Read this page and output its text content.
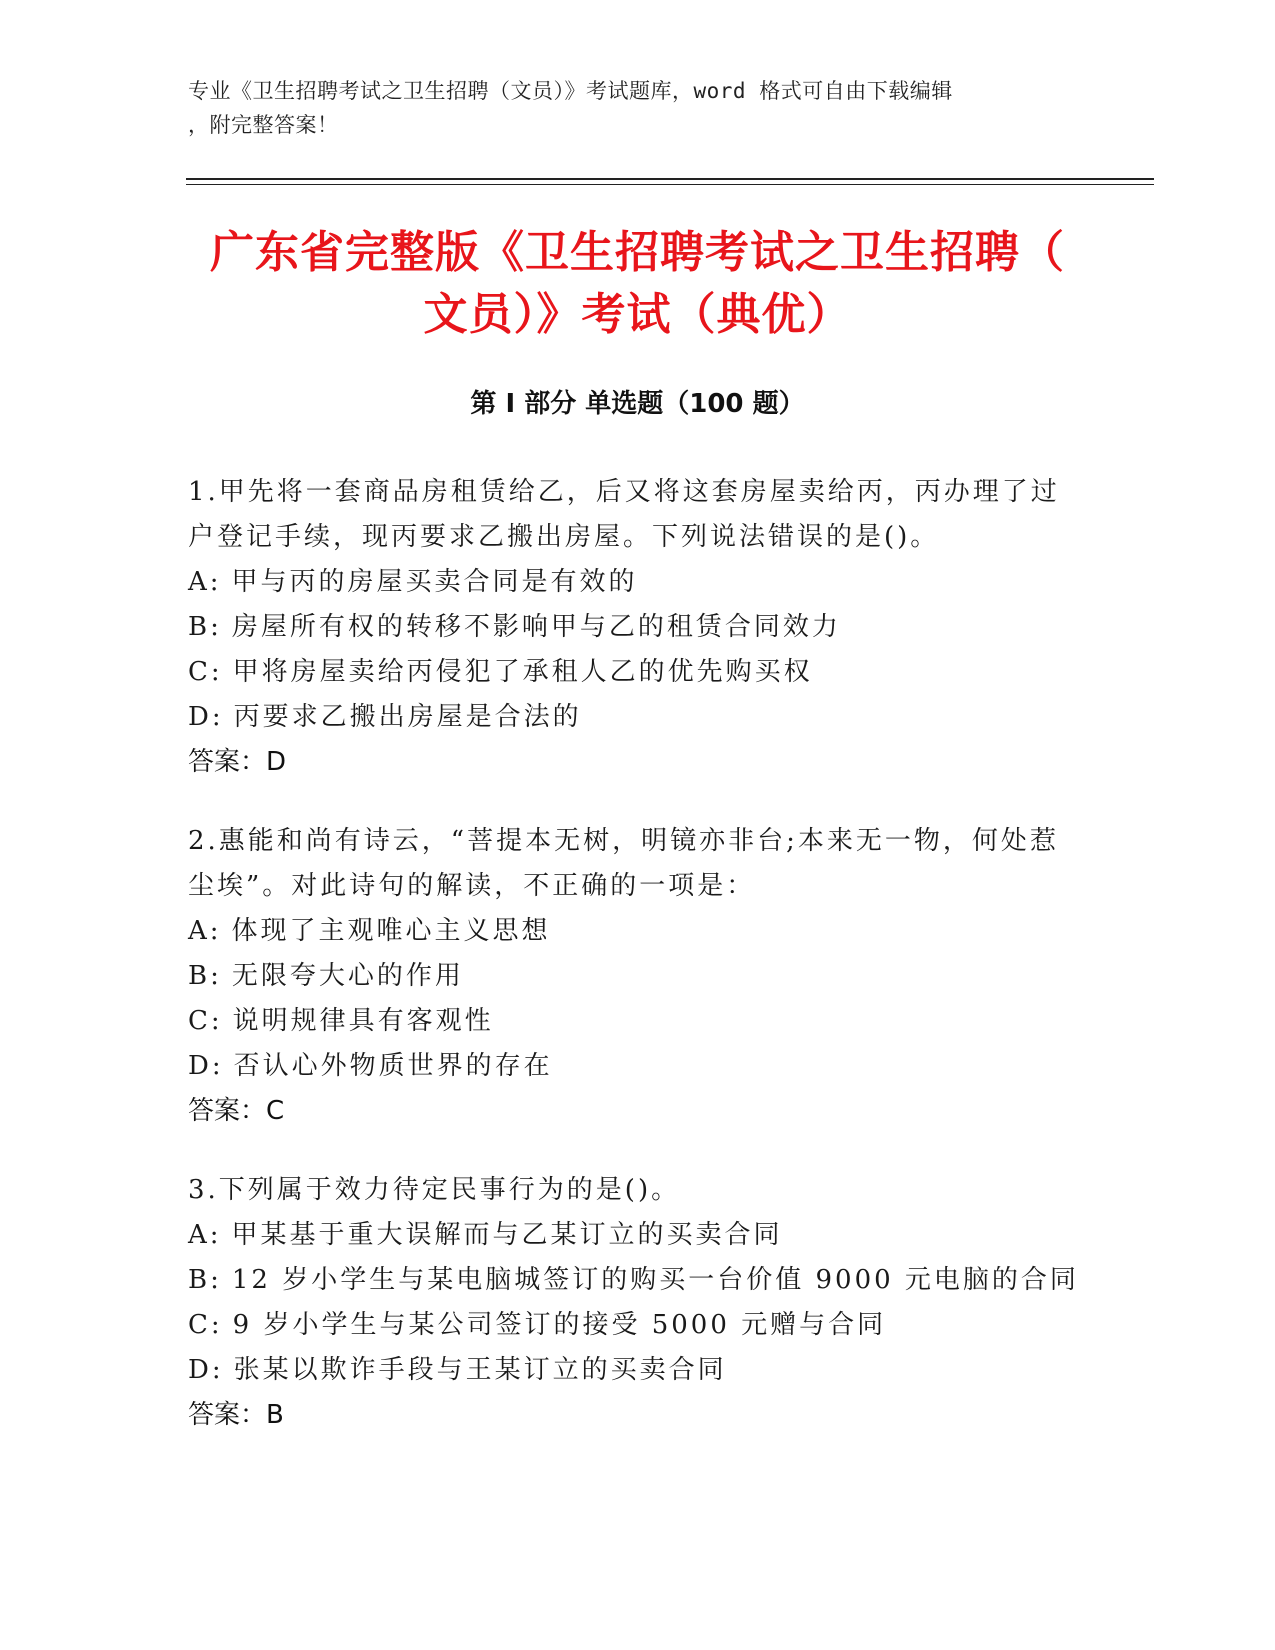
专业《卫生招聘考试之卫生招聘（文员）》考试题库，word 格式可自由下载编辑
，附完整答案！
广东省完整版《卫生招聘考试之卫生招聘（
文员）》考试（典优）
第 I 部分 单选题（100 题）

1.甲先将一套商品房租赁给乙，后又将这套房屋卖给丙，丙办理了过
户登记手续，现丙要求乙搬出房屋。下列说法错误的是()。

A: 甲与丙的房屋买卖合同是有效的

B: 房屋所有权的转移不影响甲与乙的租赁合同效力

C: 甲将房屋卖给丙侵犯了承租人乙的优先购买权

D: 丙要求乙搬出房屋是合法的

答案：D

2.惠能和尚有诗云，“菩提本无树，明镜亦非台;本来无一物，何处惹
尘埃”。对此诗句的解读，不正确的一项是：

A: 体现了主观唯心主义思想

B: 无限夸大心的作用

C: 说明规律具有客观性

D: 否认心外物质世界的存在

答案：C

3.下列属于效力待定民事行为的是()。

A: 甲某基于重大误解而与乙某订立的买卖合同

B: 12 岁小学生与某电脑城签订的购买一台价值 9000 元电脑的合同

C: 9 岁小学生与某公司签订的接受 5000 元赠与合同

D: 张某以欺诈手段与王某订立的买卖合同

答案：B
